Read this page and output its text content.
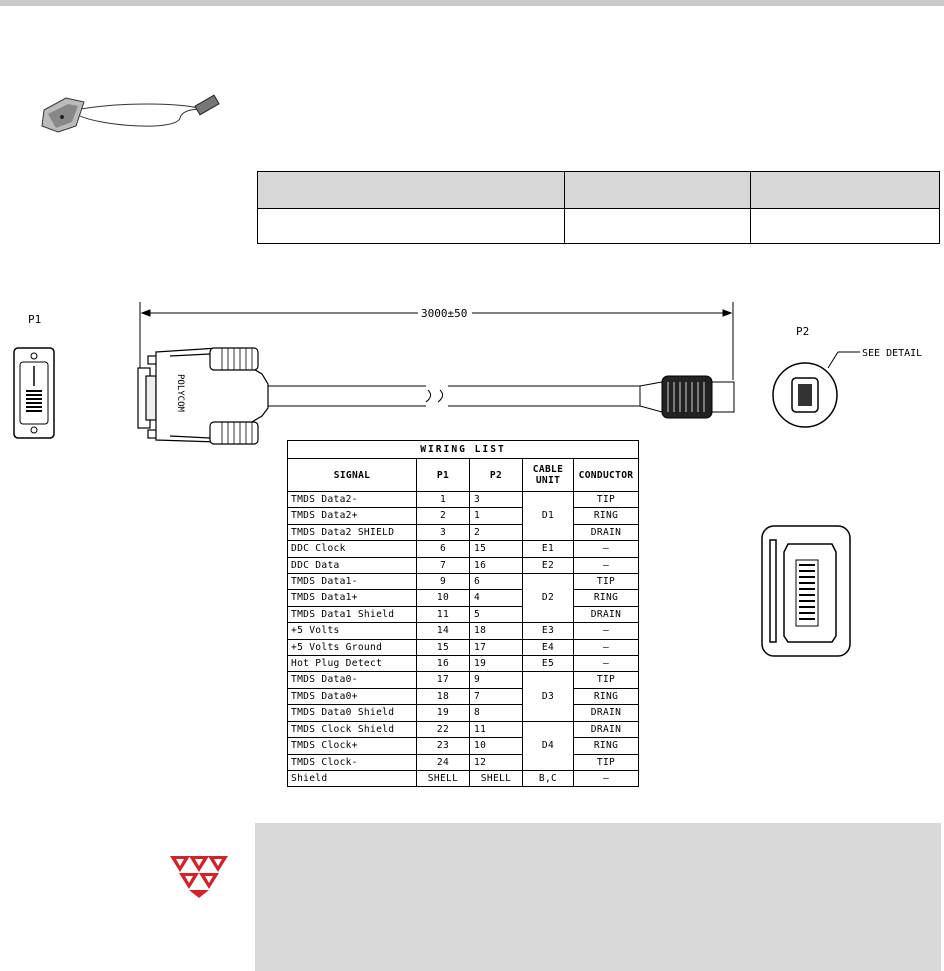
P1	3000±50
POLYCOM
P2
SEE DETAIL
WIRING LIST				
SIGNAL	P1	P2	CABLE UNIT	CONDUCTOR
TMDS Data2-	1	3	D1	TIP
TMDS Data2+	2	1		RING
TMDS Data2 SHIELD	3	2		DRAIN
DDC Clock	6	15	E1	—
DDC Data	7	16	E2	—
TMDS Data1-	9	6	D2	TIP
TMDS Data1+	10	4		RING
TMDS Data1 Shield	11	5		DRAIN
+5 Volts	14	18	E3	—
+5 Volts Ground	15	17	E4	—
Hot Plug Detect	16	19	E5	—
TMDS Data0-	17	9	D3	TIP
TMDS Data0+	18	7		RING
TMDS Data0 Shield	19	8		DRAIN
TMDS Clock Shield	22	11	D4	DRAIN
TMDS Clock+	23	10		RING
TMDS Clock-	24	12		TIP
Shield	SHELL	SHELL	B,C	—
